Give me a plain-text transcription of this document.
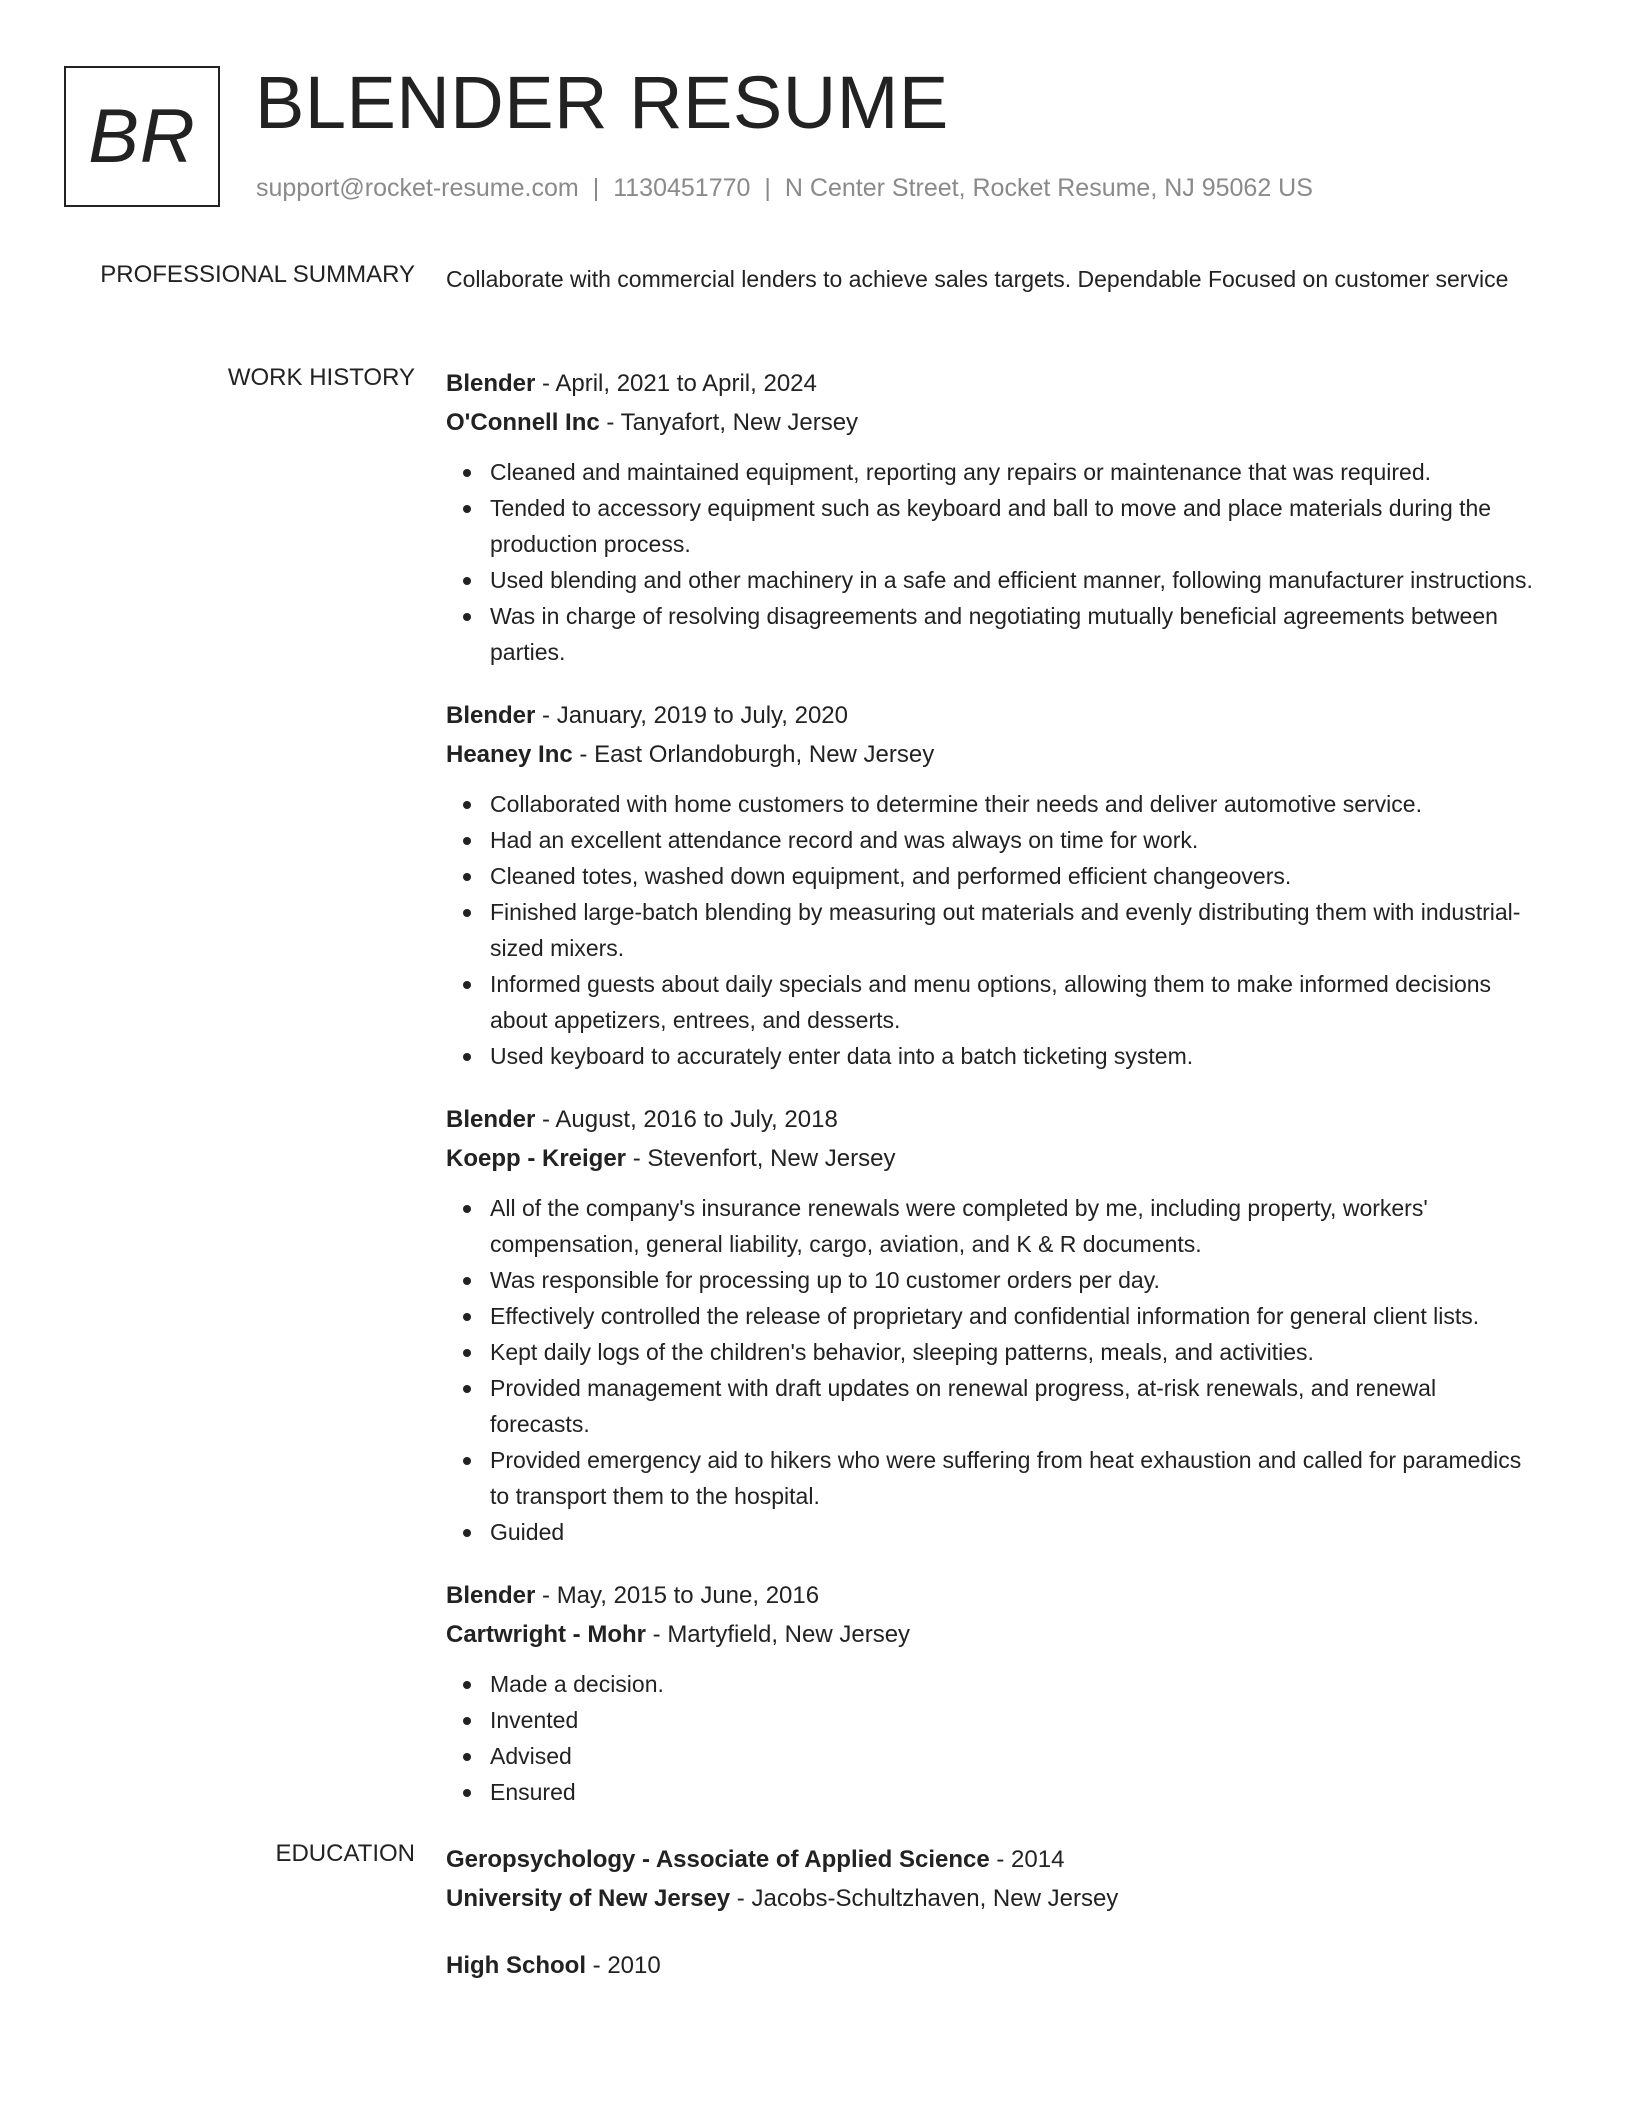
BR BLENDER RESUME
support@rocket-resume.com | 1130451770 | N Center Street, Rocket Resume, NJ 95062 US
PROFESSIONAL SUMMARY Collaborate with commercial lenders to achieve sales targets. Dependable Focused on customer service
WORK HISTORY Blender - April, 2021 to April, 2024
O'Connell Inc - Tanyafort, New Jersey
Cleaned and maintained equipment, reporting any repairs or maintenance that was required.
Tended to accessory equipment such as keyboard and ball to move and place materials during the production process.
Used blending and other machinery in a safe and efficient manner, following manufacturer instructions.
Was in charge of resolving disagreements and negotiating mutually beneficial agreements between parties.
Blender - January, 2019 to July, 2020
Heaney Inc - East Orlandoburgh, New Jersey
Collaborated with home customers to determine their needs and deliver automotive service.
Had an excellent attendance record and was always on time for work.
Cleaned totes, washed down equipment, and performed efficient changeovers.
Finished large-batch blending by measuring out materials and evenly distributing them with industrial-sized mixers.
Informed guests about daily specials and menu options, allowing them to make informed decisions about appetizers, entrees, and desserts.
Used keyboard to accurately enter data into a batch ticketing system.
Blender - August, 2016 to July, 2018
Koepp - Kreiger - Stevenfort, New Jersey
All of the company's insurance renewals were completed by me, including property, workers' compensation, general liability, cargo, aviation, and K & R documents.
Was responsible for processing up to 10 customer orders per day.
Effectively controlled the release of proprietary and confidential information for general client lists.
Kept daily logs of the children's behavior, sleeping patterns, meals, and activities.
Provided management with draft updates on renewal progress, at-risk renewals, and renewal forecasts.
Provided emergency aid to hikers who were suffering from heat exhaustion and called for paramedics to transport them to the hospital.
Guided
Blender - May, 2015 to June, 2016
Cartwright - Mohr - Martyfield, New Jersey
Made a decision.
Invented
Advised
Ensured
EDUCATION Geropsychology - Associate of Applied Science - 2014
University of New Jersey - Jacobs-Schultzhaven, New Jersey
High School - 2010
